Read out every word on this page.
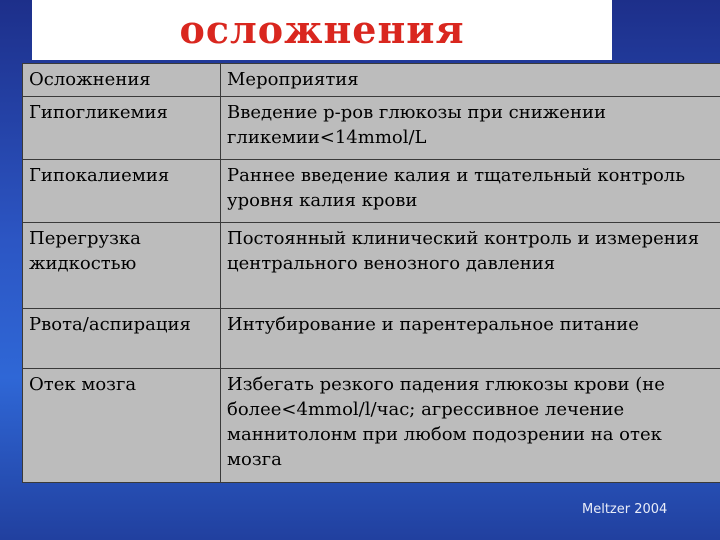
осложнения
Осложнения	Мероприятия
Гипогликемия	Введение р-ров глюкозы при снижении гликемии<14mmol/L
Гипокалиемия	Раннее введение калия и тщательный контроль уровня калия крови
Перегрузка жидкостью	Постоянный клинический контроль и измерения центрального венозного давления
Рвота/аспирация	Интубирование и парентеральное питание
Отек мозга	Избегать резкого падения глюкозы крови (не более<4mmol/l/час; агрессивное лечение маннитолонм при любом подозрении на отек мозга
Meltzer 2004
